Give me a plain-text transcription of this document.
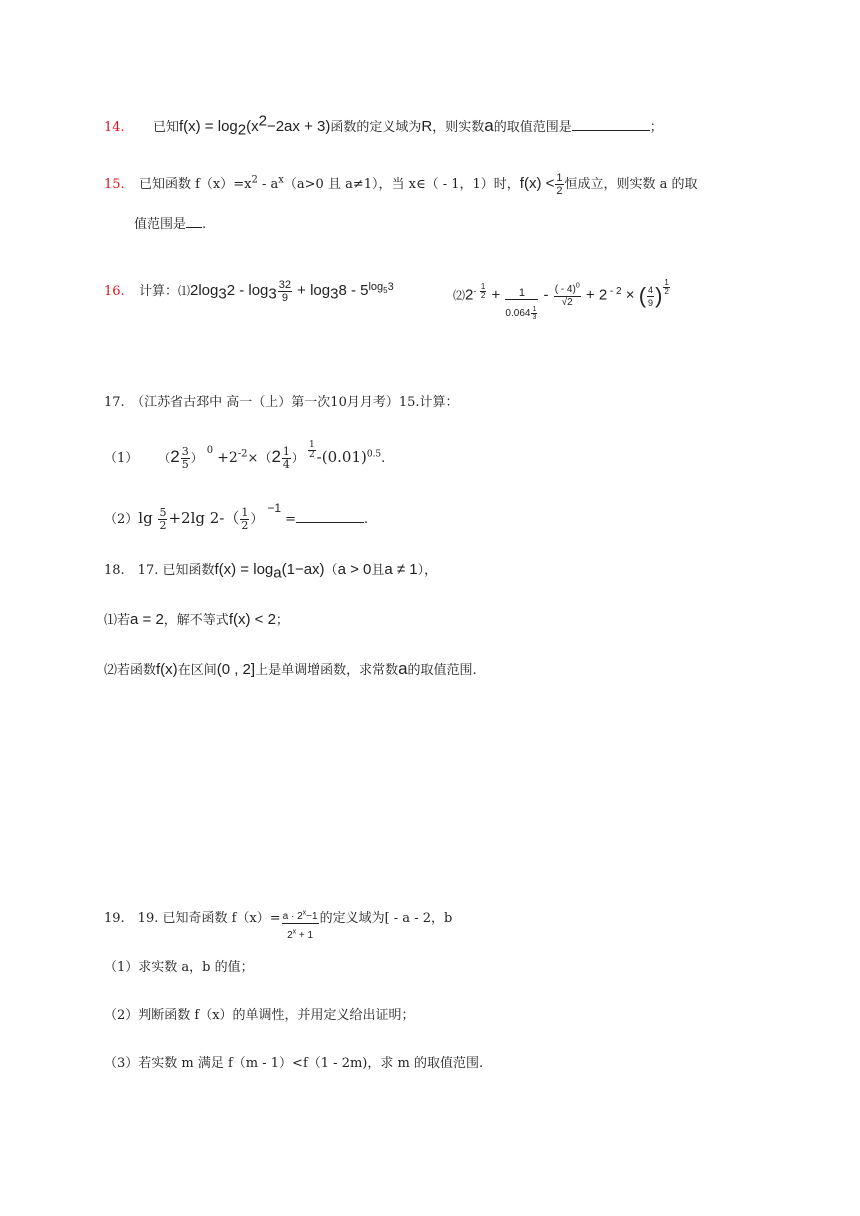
14. 已知$f(x) = \log_2(x^2-2ax + 3)$函数的定义域为R，则实数a的取值范围是	；
15. 已知函数 $f(x)=x^2 - a^x(a>0$ 且 a≠1），当 x∈（ - 1，1）时，$f(x) < \frac{1}{2}$ 恒成立，则实数 a 的取
值范围是 .
16. 计算：$⑴2\log_32 - \log_3 \frac{32}{9} + \log_38 - 5^{log_53}$
$⑵2^{- \frac{1}{2}} + \frac{1}{0.064 \frac{1}{3}} - \frac{( - 4)^0}{√2} + 2$ $^{- 2}$ × ( $\frac{4}{9}$ ) $^{\frac{1}{2}}$
17.　（江苏省古邳中 高一（上）第一次10月月考）15.计算：
（1） $(2 \frac{3}{5} )^0 +2^{-2}\times(2 \frac{1}{4}$ ） $^{\frac{1}{2}}$ $-(0.01)^{0.5}$.
$(2)\lg \frac{5}{2} +2\lg$ $2-( \frac{1}{2} )^{-1}=$	.
18.　17. 已知函数$f(x) = \log_a(1-ax)(a > 0$且a ≠ 1），
⑴若a = 2，解不等式f(x) < 2；
⑵若函数f(x)在区间(0 , 2]上是单调增函数，求常数a的取值范围.
19.　19. 已知奇函数 $f(x)= \frac{a \cdot 2^x-1}{2^x + 1}$ 的定义域为[ - a - 2，b
（1）求实数 a，b 的值；
（2）判断函数 f（x）的单调性，并用定义给出证明；
（3）若实数 m 满足 f（m - 1）<f（1 - 2m)，求 m 的取值范围.
